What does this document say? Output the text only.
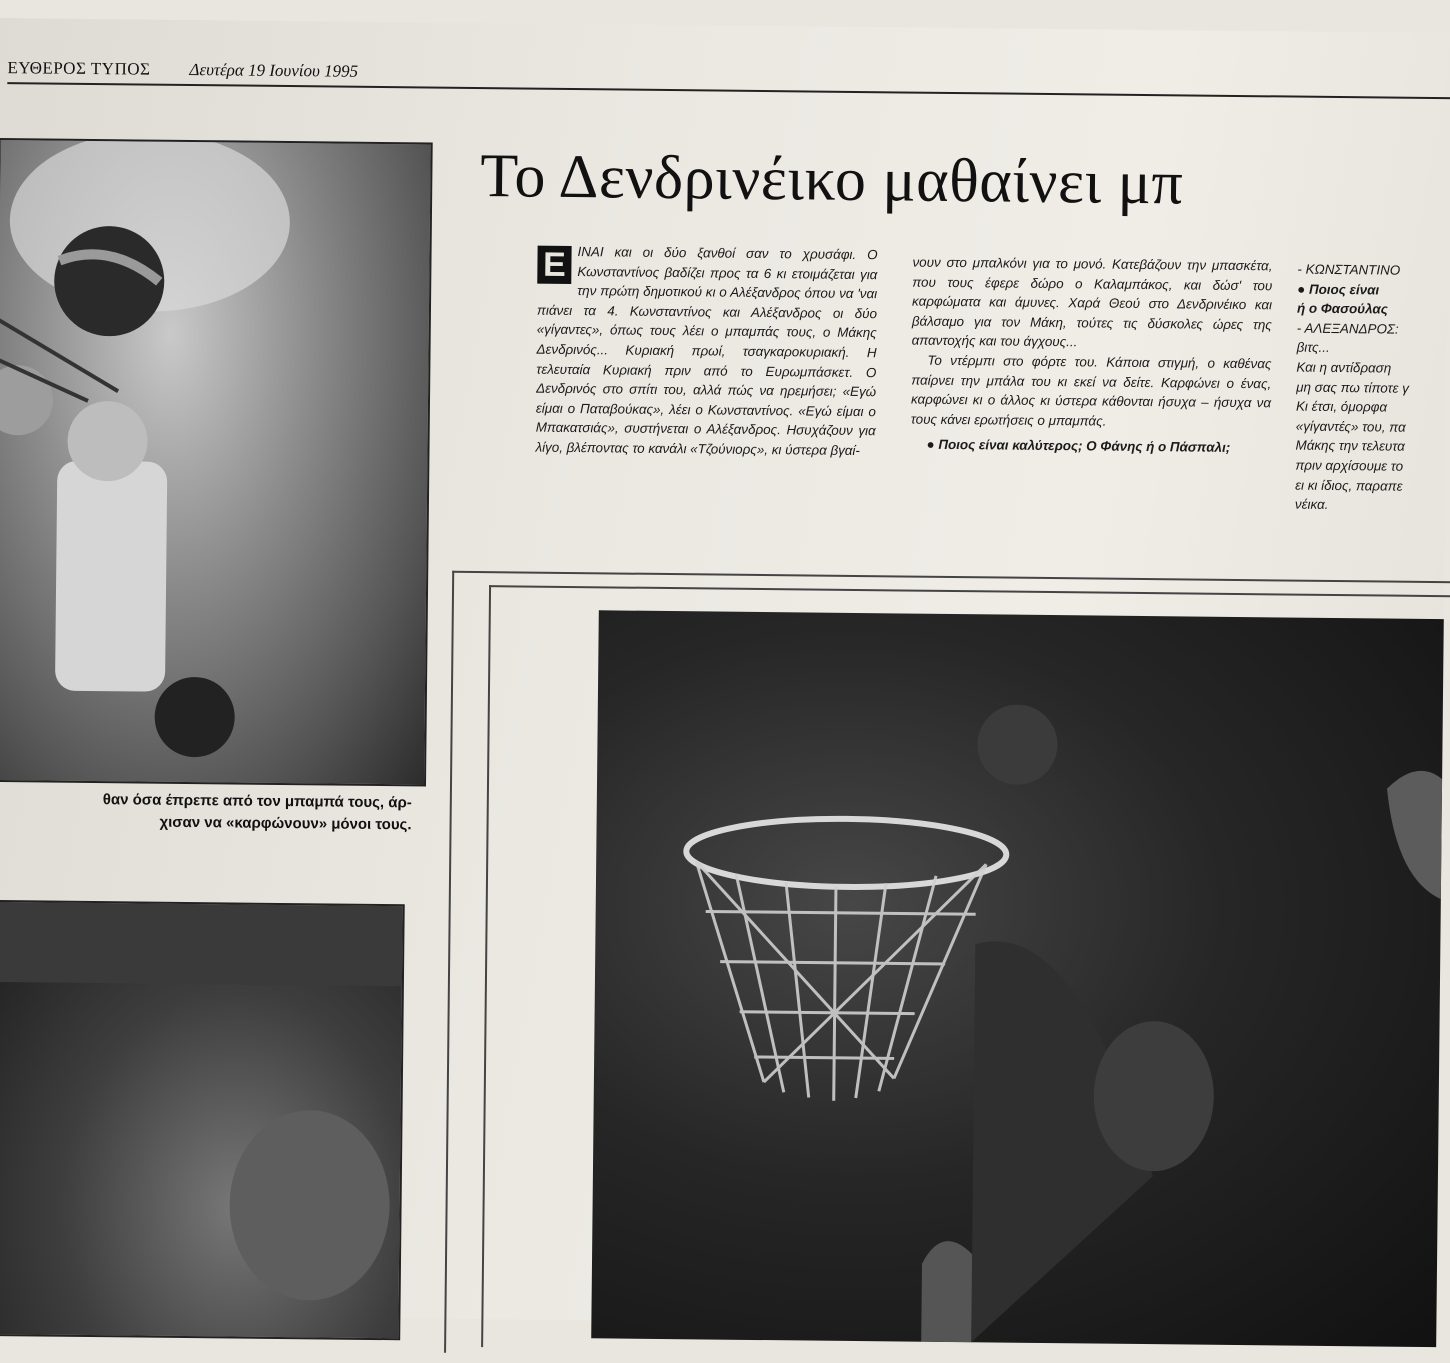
ΕΥΘΕΡΟΣ ΤΥΠΟΣ Δευτέρα 19 Ιουνίου 1995
θαν όσα έπρεπε από τον μπαμπά τους, άρ-
χισαν να «καρφώνουν» μόνοι τους.
Το Δενδρινέικο μαθαίνει μπ
Ε ΙΝΑΙ και οι δύο ξανθοί σαν το χρυσάφι. Ο Κωνσταντίνος βαδίζει προς τα 6 κι ετοιμάζεται για την πρώτη δημοτικού κι ο Αλέξανδρος όπου να 'ναι πιάνει τα 4. Κωνσταντίνος και Αλέξανδρος οι δύο «γίγαντες», όπως τους λέει ο μπαμπάς τους, ο Μάκης Δενδρινός... Κυριακή πρωί, τσαγκαροκυριακή. Η τελευταία Κυριακή πριν από το Ευρωμπάσκετ. Ο Δενδρινός στο σπίτι του, αλλά πώς να ηρεμήσει; «Εγώ είμαι ο Παταβούκας», λέει ο Κωνσταντίνος. «Εγώ είμαι ο Μπακατσιάς», συστήνεται ο Αλέξανδρος. Ησυχάζουν για λίγο, βλέποντας το κανάλι «Τζούνιορς», κι ύστερα βγαί-

νουν στο μπαλκόνι για το μονό. Κατεβάζουν την μπασκέτα, που τους έφερε δώρο ο Καλαμπάκος, και δώσ' του καρφώματα και άμυνες. Χαρά Θεού στο Δενδρινέικο και βάλσαμο για τον Μάκη, τούτες τις δύσκολες ώρες της απαντοχής και του άγχους...

Το ντέρμπι στο φόρτε του. Κάποια στιγμή, ο καθένας παίρνει την μπάλα του κι εκεί να δείτε. Καρφώνει ο ένας, καρφώνει κι ο άλλος κι ύστερα κάθονται ήσυχα – ήσυχα να τους κάνει ερωτήσεις ο μπαμπάς.

● Ποιος είναι καλύτερος; Ο Φάνης ή ο Πάσπαλι;

- ΚΩΝΣΤΑΝΤΙΝΟ
● Ποιος είναι
ή ο Φασούλας
- ΑΛΕΞΑΝΔΡΟΣ:
βιτς...
Και η αντίδραση
μη σας πω τίποτε γ
Κι έτσι, όμορφα
«γίγαντές» του, πα
Μάκης την τελευτα
πριν αρχίσουμε το
ει κι ίδιος, παραπε
νέικα.
